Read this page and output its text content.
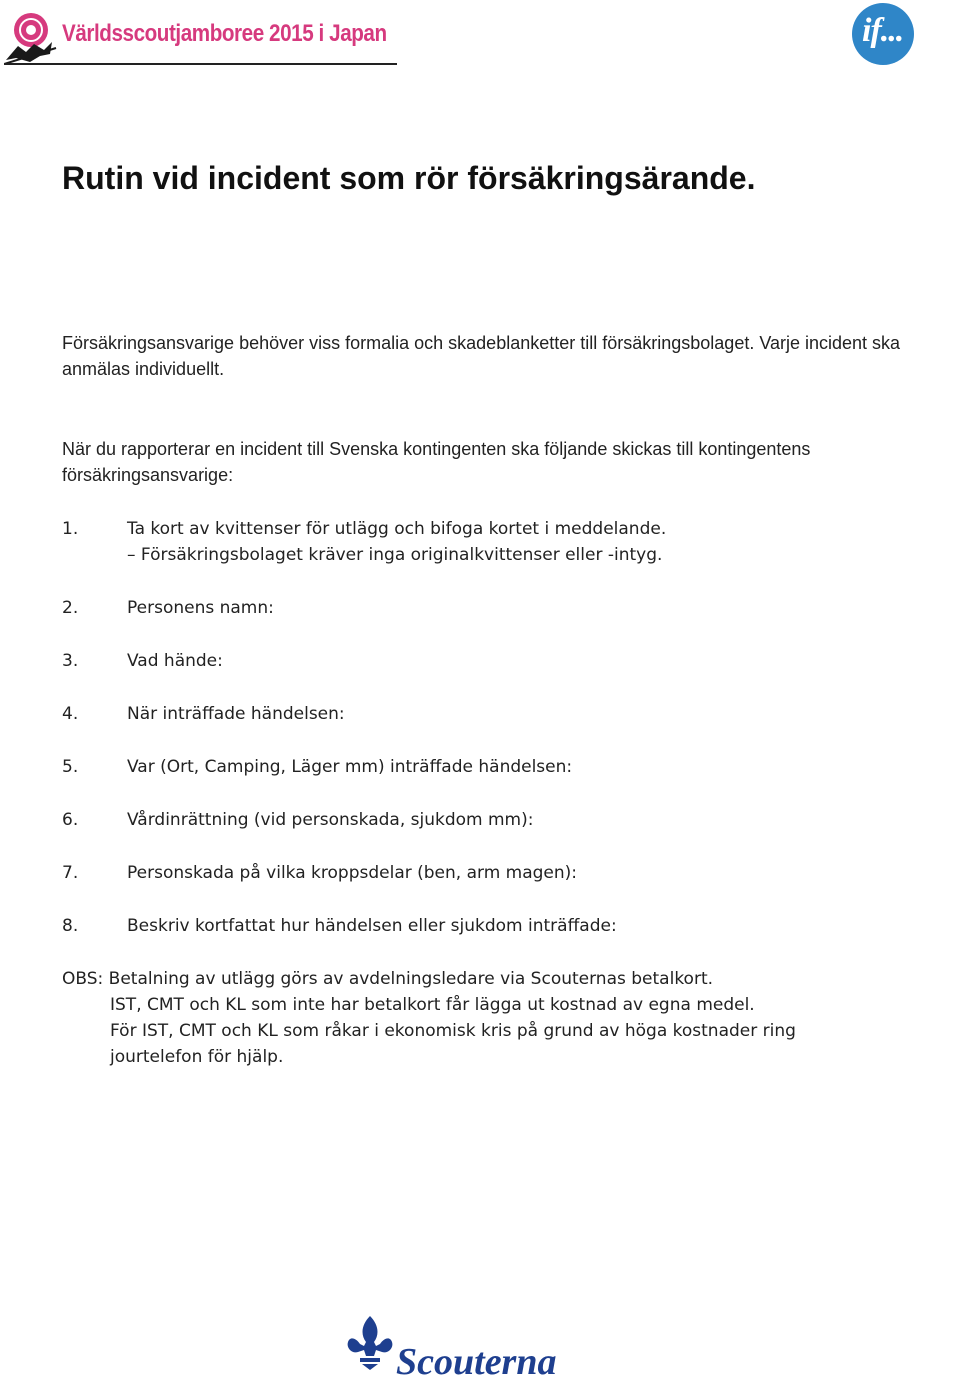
Världsscoutjamboree 2015 i Japan	if...
Rutin vid incident som rör försäkringsärande.

Försäkringsansvarige behöver viss formalia och skadeblanketter till försäkringsbolaget. Varje incident ska anmälas individuellt.

När du rapporterar en incident till Svenska kontingenten ska följande skickas till kontingentens försäkringsansvarige:

1.	Ta kort av kvittenser för utlägg och bifoga kortet i meddelande.
– Försäkringsbolaget kräver inga originalkvittenser eller -intyg.
2.	Personens namn:
3.	Vad hände:
4.	När inträffade händelsen:
5.	Var (Ort, Camping, Läger mm) inträffade händelsen:
6.	Vårdinrättning (vid personskada, sjukdom mm):
7.	Personskada på vilka kroppsdelar (ben, arm magen):
8.	Beskriv kortfattat hur händelsen eller sjukdom inträffade:
OBS: Betalning av utlägg görs av avdelningsledare via Scouternas betalkort.
IST, CMT och KL som inte har betalkort får lägga ut kostnad av egna medel.
För IST, CMT och KL som råkar i ekonomisk kris på grund av höga kostnader ring
jourtelefon för hjälp.
Scouterna
